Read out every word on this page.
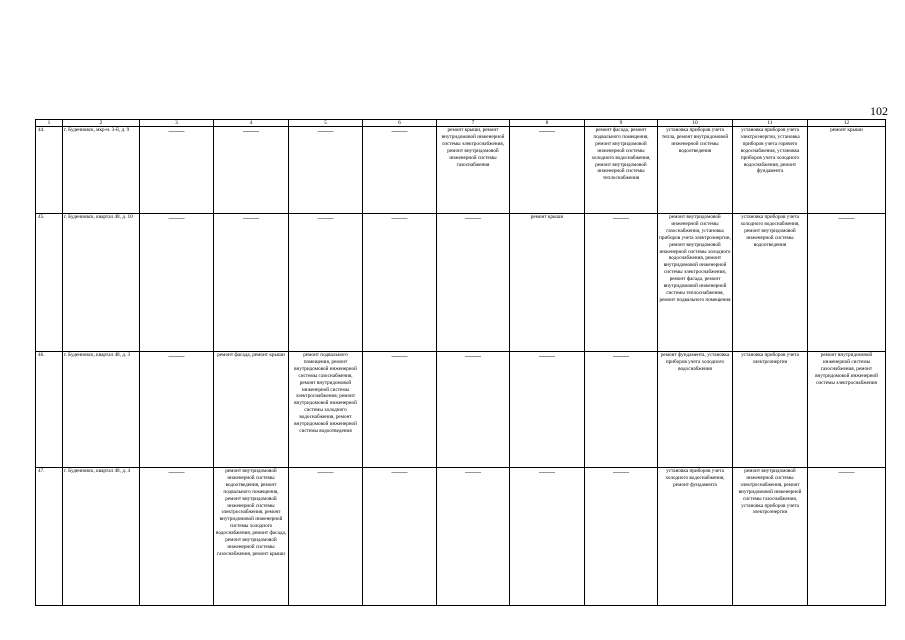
102
1	2	3	4	5	6	7	8	9	10	11	12
44.	г. Буденновск, мкр-н. 3-й, д. 9	——	——	——	——	ремонт крыши, ремонт внутридомовой инженерной системы электроснабжения, ремонт внутридомовой инженерной системы газоснабжения	——	ремонт фасада, ремонт подвального помещения, ремонт внутридомовой инженерной системы холодного водоснабжения, ремонт внутридомовой инженерной системы теплоснабжения	установка приборов учета тепла, ремонт внутридомовой инженерной системы водоотведения	установка приборов учета электроэнергии, установка приборов учета горячего водоснабжения, установка приборов учета холодного водоснабжения, ремонт фундамента	ремонт крыши
45.	г. Буденновск, квартал 48, д. 10	——	——	——	——	——	ремонт крыши	——	ремонт внутридомовой инженерной системы газоснабжения, установка приборов учета электроэнергии, ремонт внутридомовой инженерной системы холодного водоснабжения, ремонт внутридомовой инженерной системы электроснабжения, ремонт фасада, ремонт внутридомовой инженерной системы теплоснабжения, ремонт подвального помещения	установка приборов учета холодного водоснабжения, ремонт внутридомовой инженерной системы водоотведения	——

46.	г. Буденновск, квартал 48, д. 3	——	ремонт фасада, ремонт крыши	ремонт подвального помещения, ремонт внутридомовой инженерной системы газоснабжения, ремонт внутридомовой инженерной системы электроснабжения, ремонт внутридомовой инженерной системы холодного водоснабжения, ремонт внутридомовой инженерной системы водоотведения	——	——	——	——	ремонт фундамента, установка приборов учета холодного водоснабжения	установка приборов учета электроэнергии	ремонт внутридомовой инженерной системы газоснабжения, ремонт внутридомовой инженерной системы электроснабжения
47.	г. Буденновск, квартал 48, д. 4	——	ремонт внутридомовой инженерной системы водоотведения, ремонт подвального помещения, ремонт внутридомовой инженерной системы электроснабжения, ремонт внутридомовой инженерной системы холодного водоснабжения, ремонт фасада, ремонт внутридомовой инженерной системы газоснабжения, ремонт крыши	——	——	——	——	——	установка приборов учета холодного водоснабжения, ремонт фундамента	ремонт внутридомовой инженерной системы электроснабжения, ремонт внутридомовой инженерной системы газоснабжения, установка приборов учета электроэнергии	——
